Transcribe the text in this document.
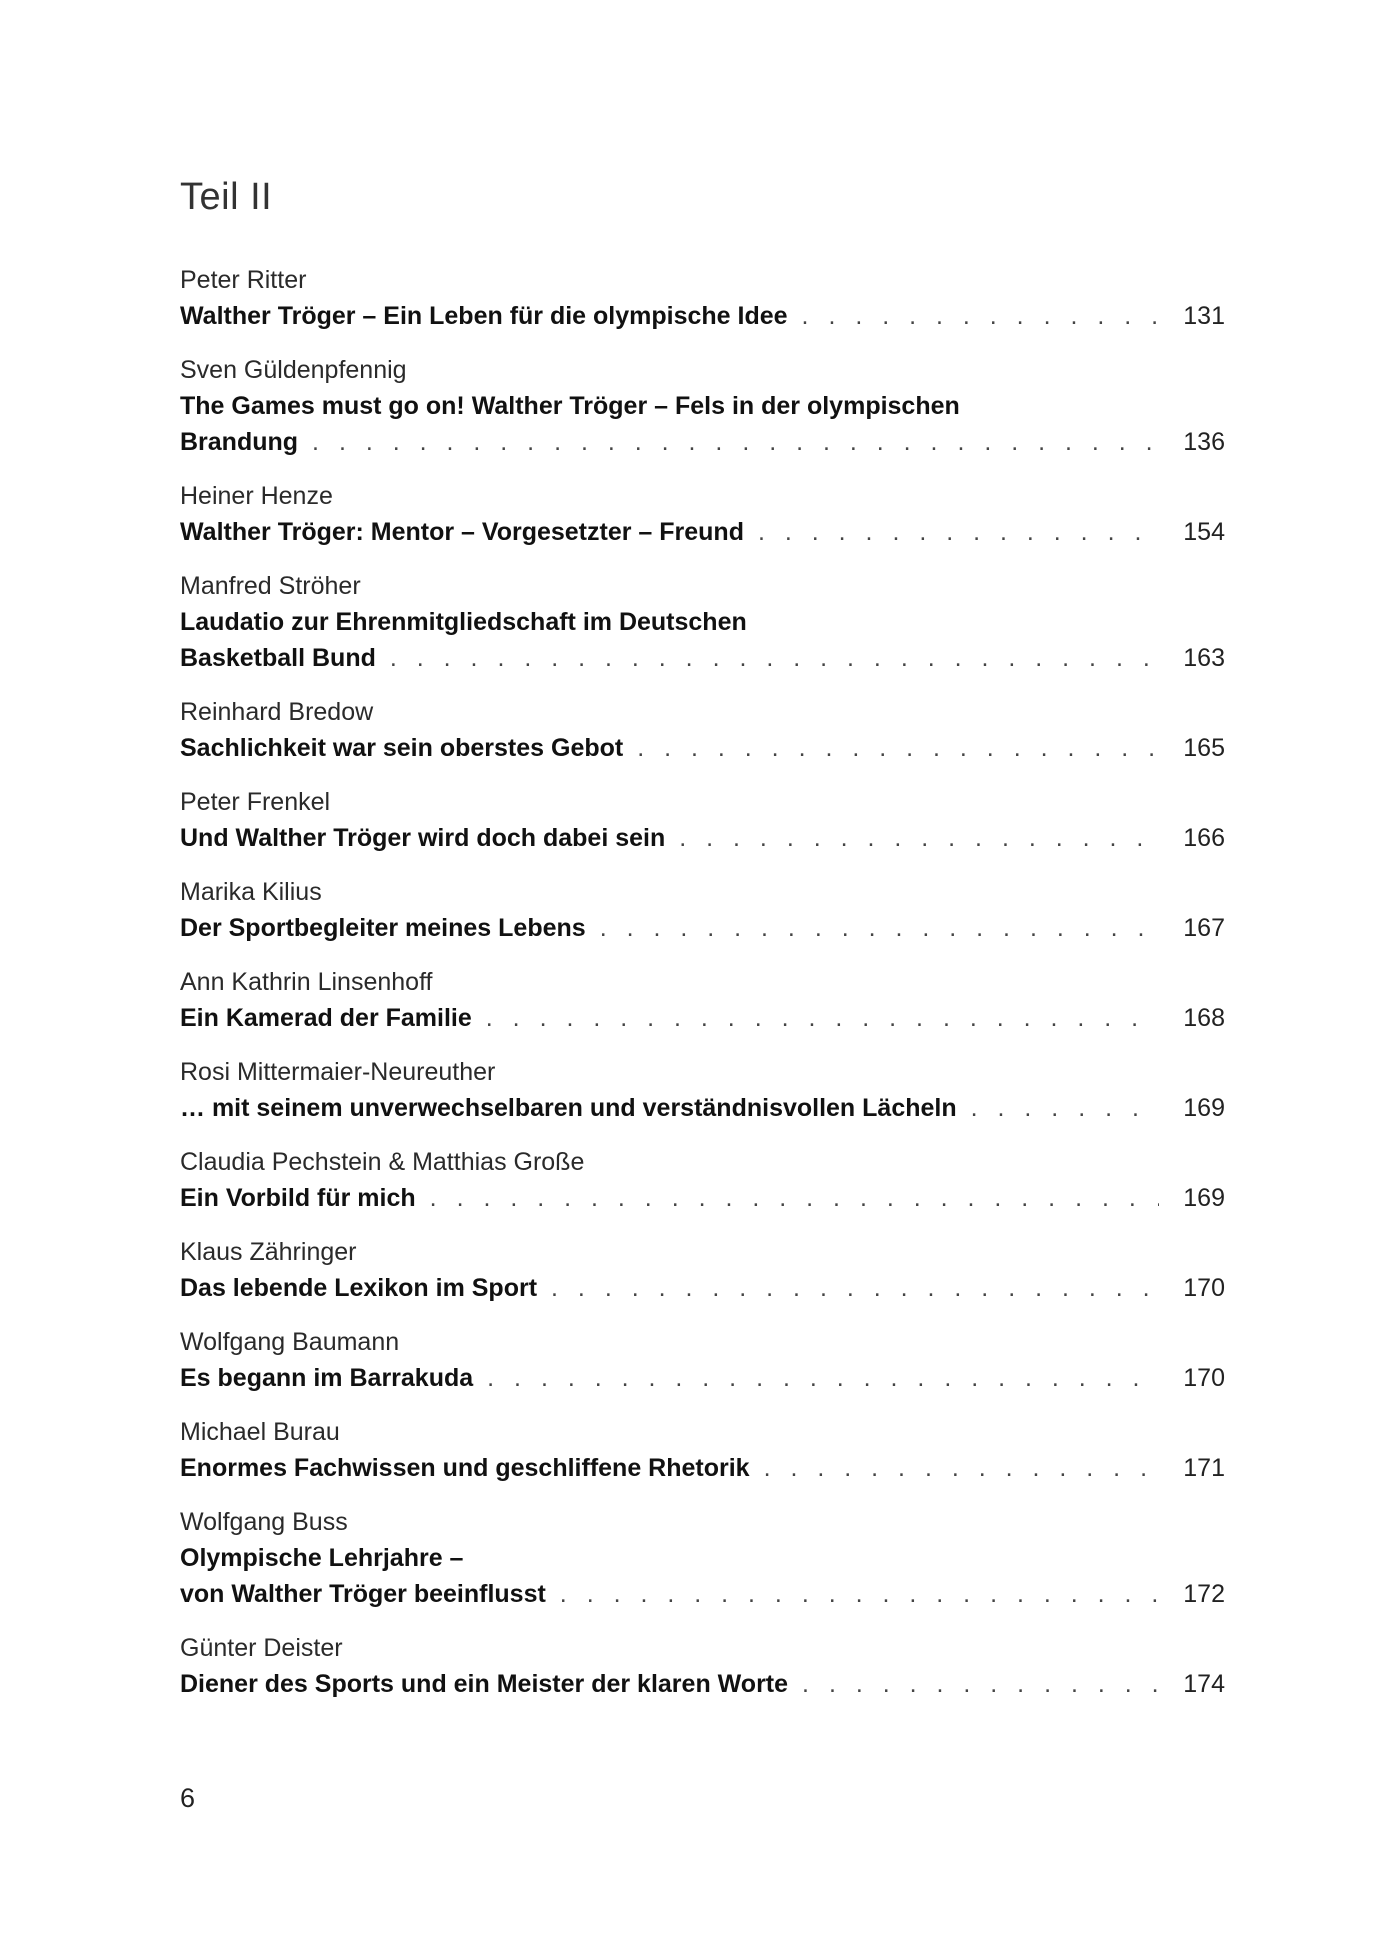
Teil II
Peter Ritter
Walther Tröger – Ein Leben für die olympische Idee . . .	131
Sven Güldenpfennig
The Games must go on! Walther Tröger – Fels in der olympischen
Brandung . . .	136
Heiner Henze
Walther Tröger: Mentor – Vorgesetzter – Freund . . .	154
Manfred Ströher
Laudatio zur Ehrenmitgliedschaft im Deutschen
Basketball Bund . . .	163
Reinhard Bredow
Sachlichkeit war sein oberstes Gebot . . .	165
Peter Frenkel
Und Walther Tröger wird doch dabei sein . . .	166
Marika Kilius
Der Sportbegleiter meines Lebens . . .	167
Ann Kathrin Linsenhoff
Ein Kamerad der Familie . . .	168
Rosi Mittermaier-Neureuther
… mit seinem unverwechselbaren und verständnisvollen Lächeln . . .	169
Claudia Pechstein & Matthias Große
Ein Vorbild für mich . . .	169
Klaus Zähringer
Das lebende Lexikon im Sport . . .	170
Wolfgang Baumann
Es begann im Barrakuda . . .	170
Michael Burau
Enormes Fachwissen und geschliffene Rhetorik . . .	171
Wolfgang Buss
Olympische Lehrjahre –
von Walther Tröger beeinflusst . . .	172
Günter Deister
Diener des Sports und ein Meister der klaren Worte . . .	174
6
